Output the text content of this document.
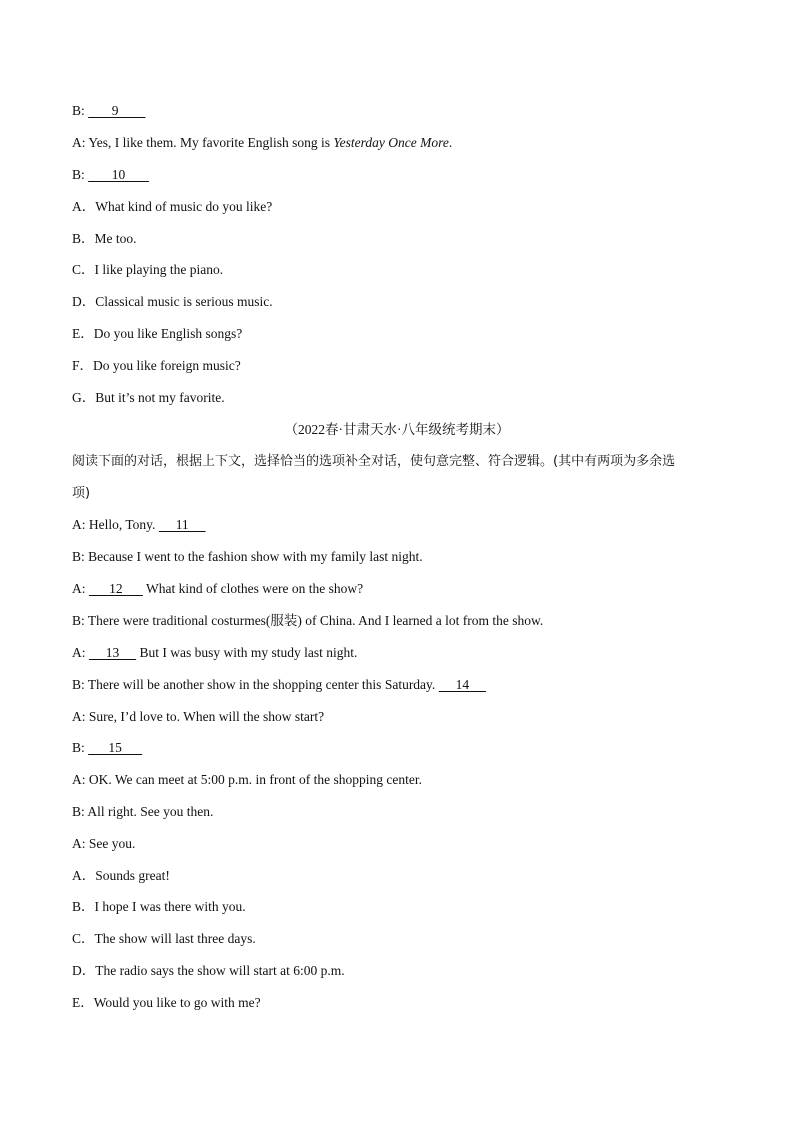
B:        9
A: Yes, I like them. My favorite English song is Yesterday Once More.
B:        10
A．What kind of music do you like?
B．Me too.
C．I like playing the piano.
D．Classical music is serious music.
E．Do you like English songs?
F．Do you like foreign music?
G．But it’s not my favorite.
（2022春·甘肃天水·八年级统考期末）
阅读下面的对话，根据上下文，选择恰当的选项补全对话，使句意完整、符合逻辑。(其中有两项为多余选
项)
A: Hello, Tony.      11
B: Because I went to the fashion show with my family last night.
A:       12       What kind of clothes were on the show?
B: There were traditional costurmes(服装) of China. And I learned a lot from the show.
A:      13      But I was busy with my study last night.
B: There will be another show in the shopping center this Saturday.      14
A: Sure, I’d love to. When will the show start?
B:       15
A: OK. We can meet at 5:00 p.m. in front of the shopping center.
B: All right. See you then.
A: See you.
A．Sounds great!
B．I hope I was there with you.
C．The show will last three days.
D．The radio says the show will start at 6:00 p.m.
E．Would you like to go with me?
